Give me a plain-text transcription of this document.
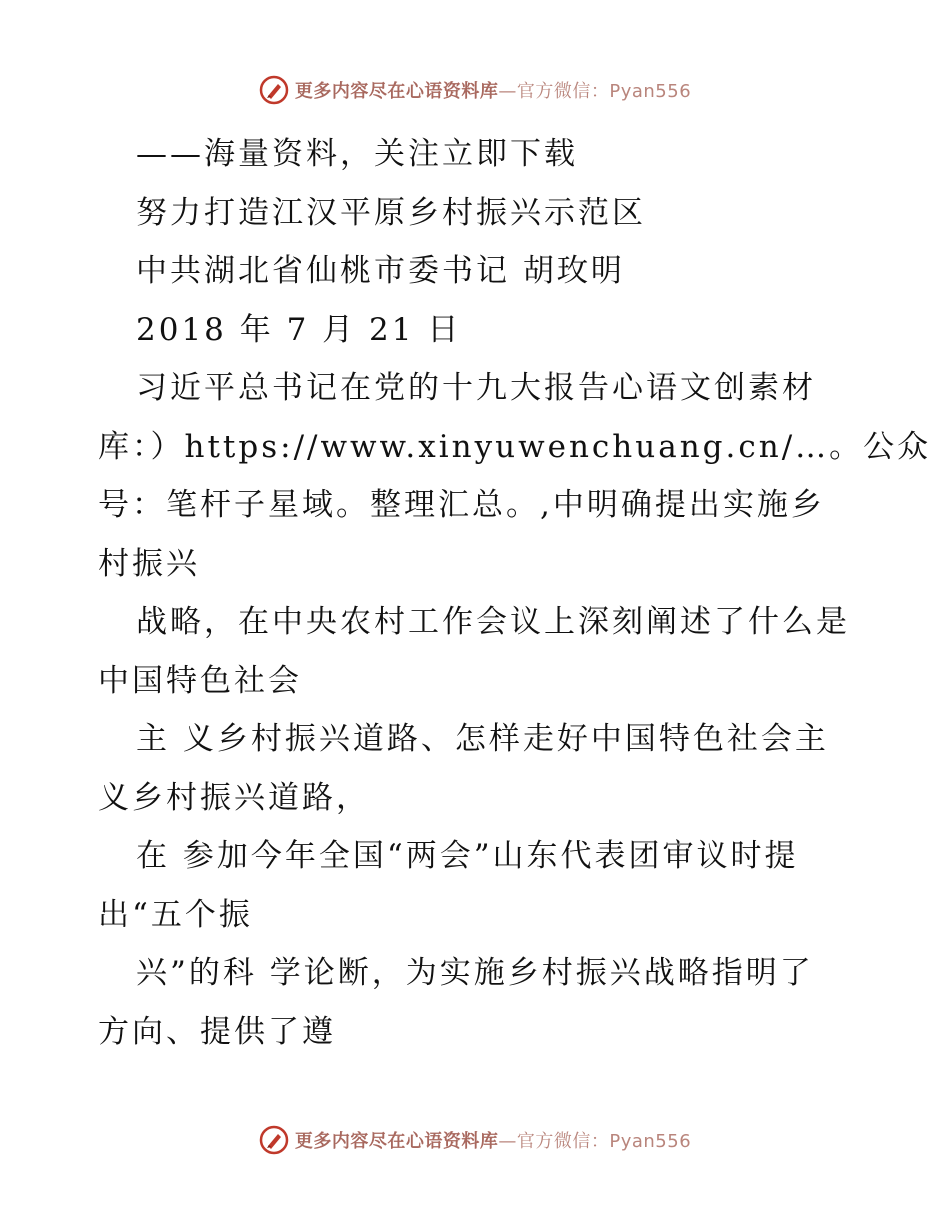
更多内容尽在心语资料库—官方微信：Pyan556
——海量资料，关注立即下载
努力打造江汉平原乡村振兴示范区
中共湖北省仙桃市委书记 胡玫明
2018 年 7 月 21 日
习近平总书记在党的十九大报告心语文创素材
库：）https://www.xinyuwenchuang.cn/…。公众
号：笔杆子星域。整理汇总。,中明确提出实施乡
村振兴
战略，在中央农村工作会议上深刻阐述了什么是
中国特色社会
主 义乡村振兴道路、怎样走好中国特色社会主
义乡村振兴道路，
在 参加今年全国“两会”山东代表团审议时提
出“五个振
兴”的科 学论断，为实施乡村振兴战略指明了
方向、提供了遵
更多内容尽在心语资料库—官方微信：Pyan556
